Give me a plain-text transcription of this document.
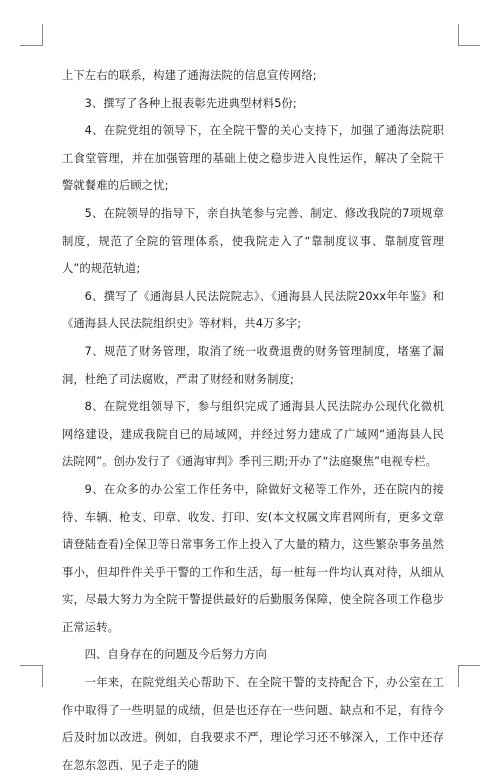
上下左右的联系，构建了通海法院的信息宣传网络;

3、撰写了各种上报表彰先进典型材料5份;

4、在院党组的领导下，在全院干警的关心支持下，加强了通海法院职工食堂管理，并在加强管理的基础上使之稳步进入良性运作，解决了全院干警就餐难的后顾之忧;

5、在院领导的指导下，亲自执笔参与完善、制定、修改我院的7项规章制度，规范了全院的管理体系，使我院走入了“靠制度议事、靠制度管理人”的规范轨道;

6、撰写了《通海县人民法院院志》、《通海县人民法院20xx年年鉴》和《通海县人民法院组织史》等材料，共4万多字;

7、规范了财务管理，取消了统一收费退费的财务管理制度，堵塞了漏洞，杜绝了司法腐败，严肃了财经和财务制度;

8、在院党组领导下，参与组织完成了通海县人民法院办公现代化微机网络建设，建成我院自已的局域网，并经过努力建成了广域网“通海县人民法院网”。创办发行了《通海审判》季刊三期;开办了“法庭聚焦”电视专栏。

9、在众多的办公室工作任务中，除做好文秘等工作外，还在院内的接待、车辆、枪支、印章、收发、打印、安(本文权属文库君网所有，更多文章请登陆查看)全保卫等日常事务工作上投入了大量的精力，这些繁杂事务虽然事小，但却件件关乎干警的工作和生活，每一桩每一件均认真对待，从细从实，尽最大努力为全院干警提供最好的后勤服务保障，使全院各项工作稳步正常运转。

四、自身存在的问题及今后努力方向

一年来，在院党组关心帮助下、在全院干警的支持配合下，办公室在工作中取得了一些明显的成绩，但是也还存在一些问题、缺点和不足，有待今后及时加以改进。例如，自我要求不严，理论学习还不够深入，工作中还存在忽东忽西、见子走子的随
